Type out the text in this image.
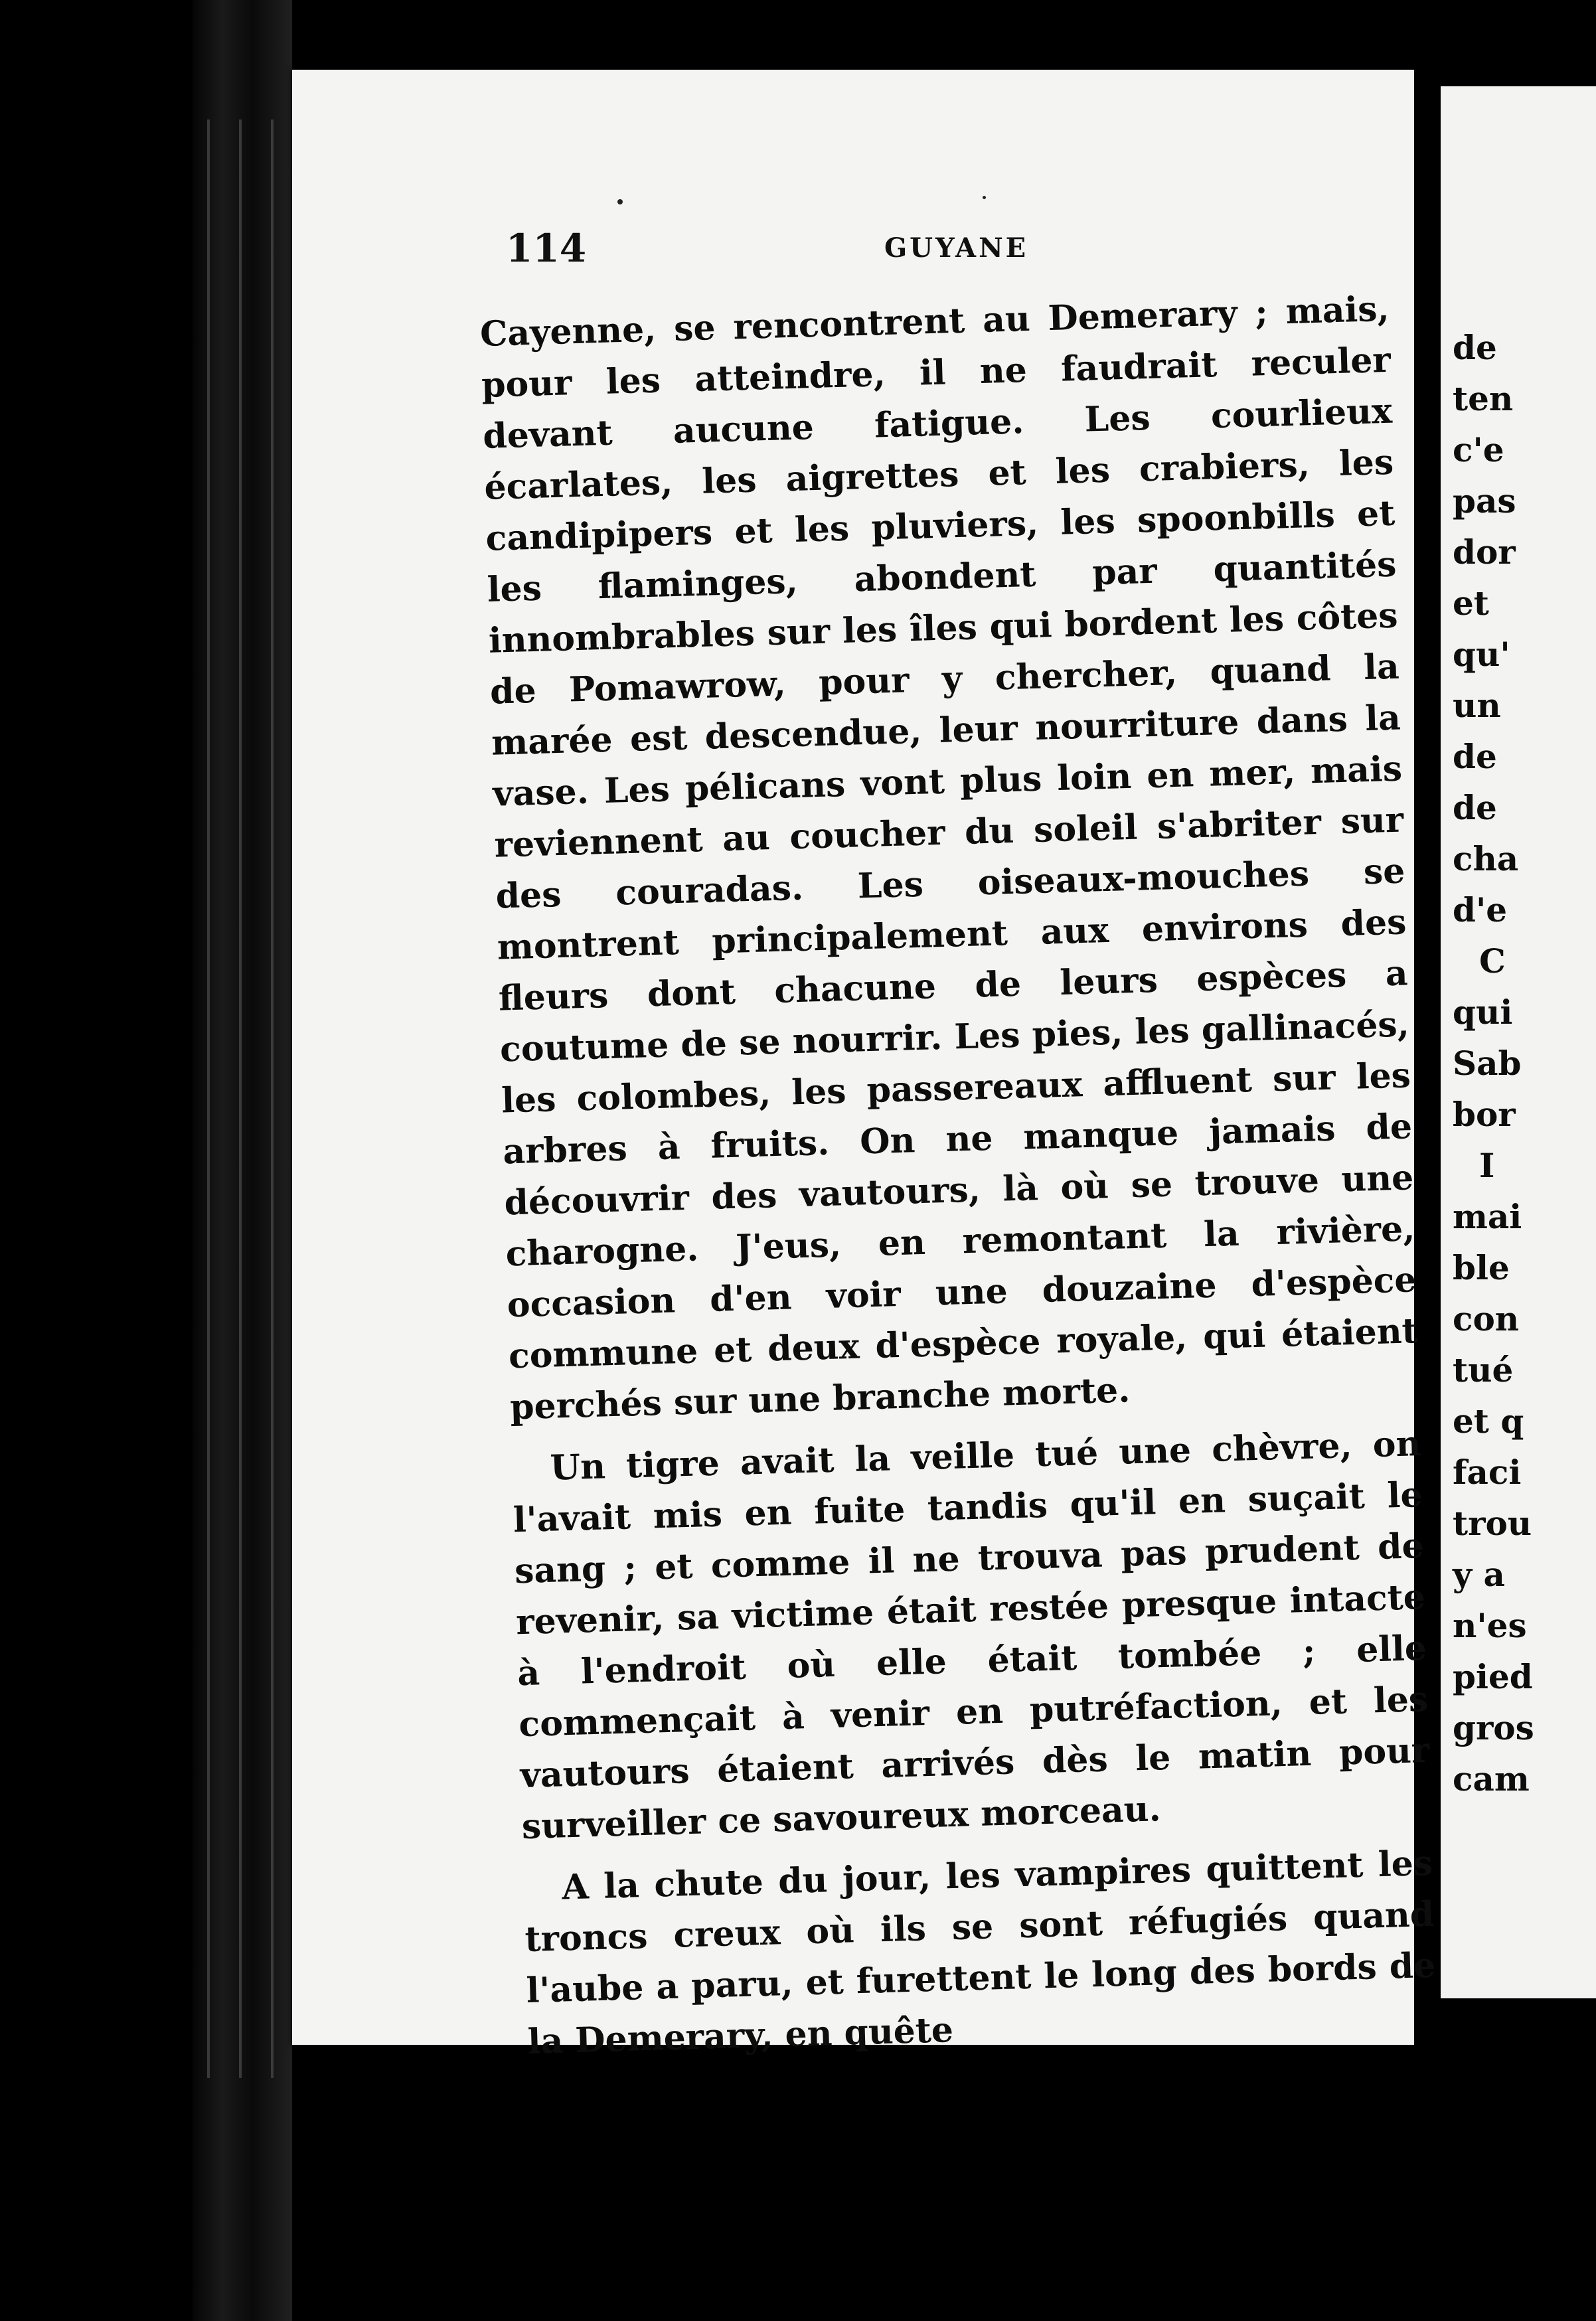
114	GUYANE

Cayenne, se rencontrent au Demerary ; mais, pour les atteindre, il ne faudrait reculer devant aucune fatigue. Les courlieux écarlates, les aigrettes et les crabiers, les candipipers et les pluviers, les spoonbills et les flaminges, abondent par quantités innombrables sur les îles qui bordent les côtes de Pomawrow, pour y chercher, quand la marée est descendue, leur nourriture dans la vase. Les pélicans vont plus loin en mer, mais reviennent au coucher du soleil s'abriter sur des couradas. Les oiseaux-mouches se montrent principalement aux environs des fleurs dont chacune de leurs espèces a coutume de se nourrir. Les pies, les gallinacés, les colombes, les passereaux affluent sur les arbres à fruits. On ne manque jamais de découvrir des vautours, là où se trouve une charogne. J'eus, en remontant la rivière, occasion d'en voir une douzaine d'espèce commune et deux d'espèce royale, qui étaient perchés sur une branche morte.

Un tigre avait la veille tué une chèvre, on l'avait mis en fuite tandis qu'il en suçait le sang ; et comme il ne trouva pas prudent de revenir, sa victime était restée presque intacte à l'endroit où elle était tombée ; elle commençait à venir en putréfaction, et les vautours étaient arrivés dès le matin pour surveiller ce savoureux morceau.

A la chute du jour, les vampires quittent les troncs creux où ils se sont réfugiés quand l'aube a paru, et furettent le long des bords de la Demerary, en quête

de
ten
c'e
pas
dor
et
qu'
un
de
de
cha
d'e
C
qui
Sab
bor
I
mai
ble
con
tué
et q
faci
trou
y a
n'es
pied
gros
cam
